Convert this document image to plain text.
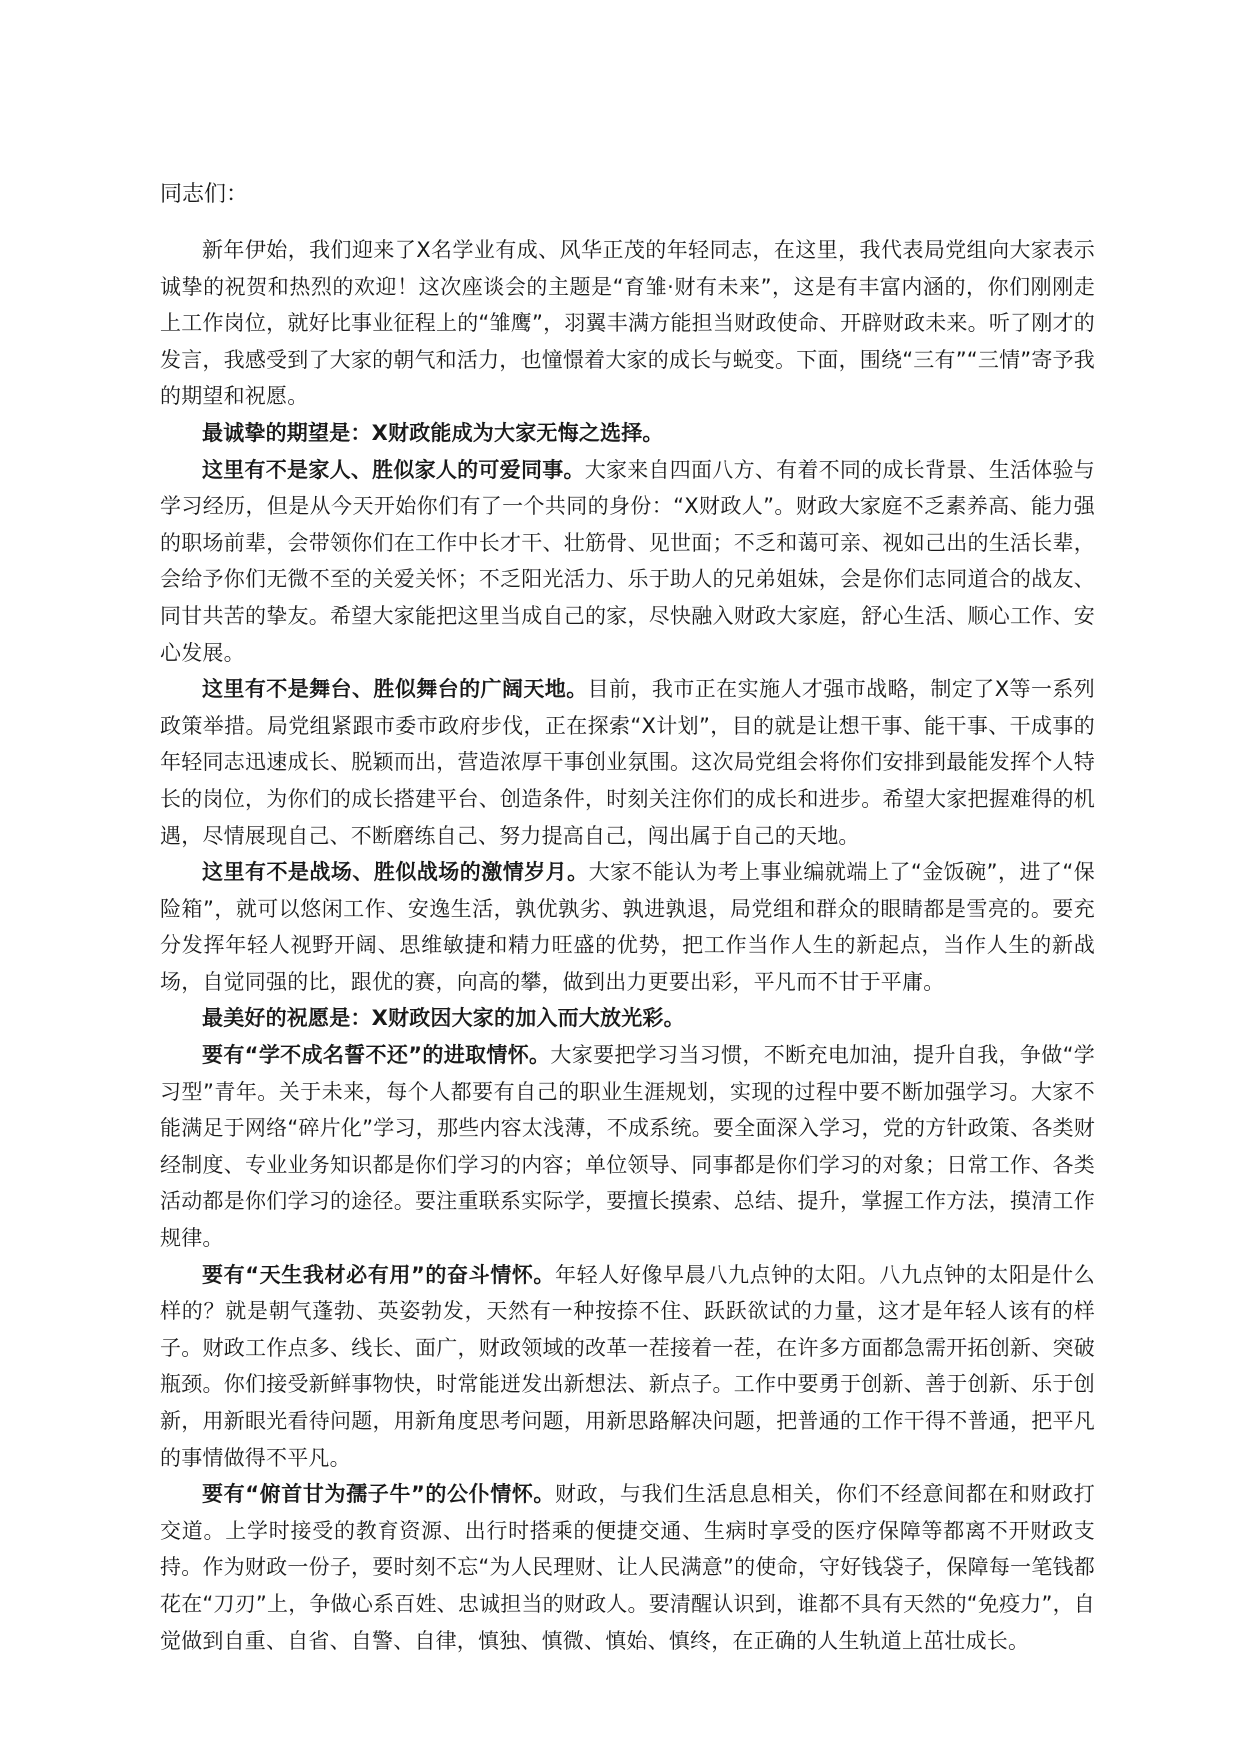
同志们：

新年伊始，我们迎来了X名学业有成、风华正茂的年轻同志，在这里，我代表局党组向大家表示诚挚的祝贺和热烈的欢迎！这次座谈会的主题是“育雏·财有未来”，这是有丰富内涵的，你们刚刚走上工作岗位，就好比事业征程上的“雏鹰”，羽翼丰满方能担当财政使命、开辟财政未来。听了刚才的发言，我感受到了大家的朝气和活力，也憧憬着大家的成长与蜕变。下面，围绕“三有”“三情”寄予我的期望和祝愿。

最诚挚的期望是：X财政能成为大家无悔之选择。

这里有不是家人、胜似家人的可爱同事。大家来自四面八方、有着不同的成长背景、生活体验与学习经历，但是从今天开始你们有了一个共同的身份：“X财政人”。财政大家庭不乏素养高、能力强的职场前辈，会带领你们在工作中长才干、壮筋骨、见世面；不乏和蔼可亲、视如己出的生活长辈，会给予你们无微不至的关爱关怀；不乏阳光活力、乐于助人的兄弟姐妹，会是你们志同道合的战友、同甘共苦的挚友。希望大家能把这里当成自己的家，尽快融入财政大家庭，舒心生活、顺心工作、安心发展。

这里有不是舞台、胜似舞台的广阔天地。目前，我市正在实施人才强市战略，制定了X等一系列政策举措。局党组紧跟市委市政府步伐，正在探索“X计划”，目的就是让想干事、能干事、干成事的年轻同志迅速成长、脱颖而出，营造浓厚干事创业氛围。这次局党组会将你们安排到最能发挥个人特长的岗位，为你们的成长搭建平台、创造条件，时刻关注你们的成长和进步。希望大家把握难得的机遇，尽情展现自己、不断磨练自己、努力提高自己，闯出属于自己的天地。

这里有不是战场、胜似战场的激情岁月。大家不能认为考上事业编就端上了“金饭碗”，进了“保险箱”，就可以悠闲工作、安逸生活，孰优孰劣、孰进孰退，局党组和群众的眼睛都是雪亮的。要充分发挥年轻人视野开阔、思维敏捷和精力旺盛的优势，把工作当作人生的新起点，当作人生的新战场，自觉同强的比，跟优的赛，向高的攀，做到出力更要出彩，平凡而不甘于平庸。

最美好的祝愿是：X财政因大家的加入而大放光彩。

要有“学不成名誓不还”的进取情怀。大家要把学习当习惯，不断充电加油，提升自我，争做“学习型”青年。关于未来，每个人都要有自己的职业生涯规划，实现的过程中要不断加强学习。大家不能满足于网络“碎片化”学习，那些内容太浅薄，不成系统。要全面深入学习，党的方针政策、各类财经制度、专业业务知识都是你们学习的内容；单位领导、同事都是你们学习的对象；日常工作、各类活动都是你们学习的途径。要注重联系实际学，要擅长摸索、总结、提升，掌握工作方法，摸清工作规律。

要有“天生我材必有用”的奋斗情怀。年轻人好像早晨八九点钟的太阳。八九点钟的太阳是什么样的？就是朝气蓬勃、英姿勃发，天然有一种按捺不住、跃跃欲试的力量，这才是年轻人该有的样子。财政工作点多、线长、面广，财政领域的改革一茬接着一茬，在许多方面都急需开拓创新、突破瓶颈。你们接受新鲜事物快，时常能迸发出新想法、新点子。工作中要勇于创新、善于创新、乐于创新，用新眼光看待问题，用新角度思考问题，用新思路解决问题，把普通的工作干得不普通，把平凡的事情做得不平凡。

要有“俯首甘为孺子牛”的公仆情怀。财政，与我们生活息息相关，你们不经意间都在和财政打交道。上学时接受的教育资源、出行时搭乘的便捷交通、生病时享受的医疗保障等都离不开财政支持。作为财政一份子，要时刻不忘“为人民理财、让人民满意”的使命，守好钱袋子，保障每一笔钱都花在“刀刃”上，争做心系百姓、忠诚担当的财政人。要清醒认识到，谁都不具有天然的“免疫力”，自觉做到自重、自省、自警、自律，慎独、慎微、慎始、慎终，在正确的人生轨道上茁壮成长。
